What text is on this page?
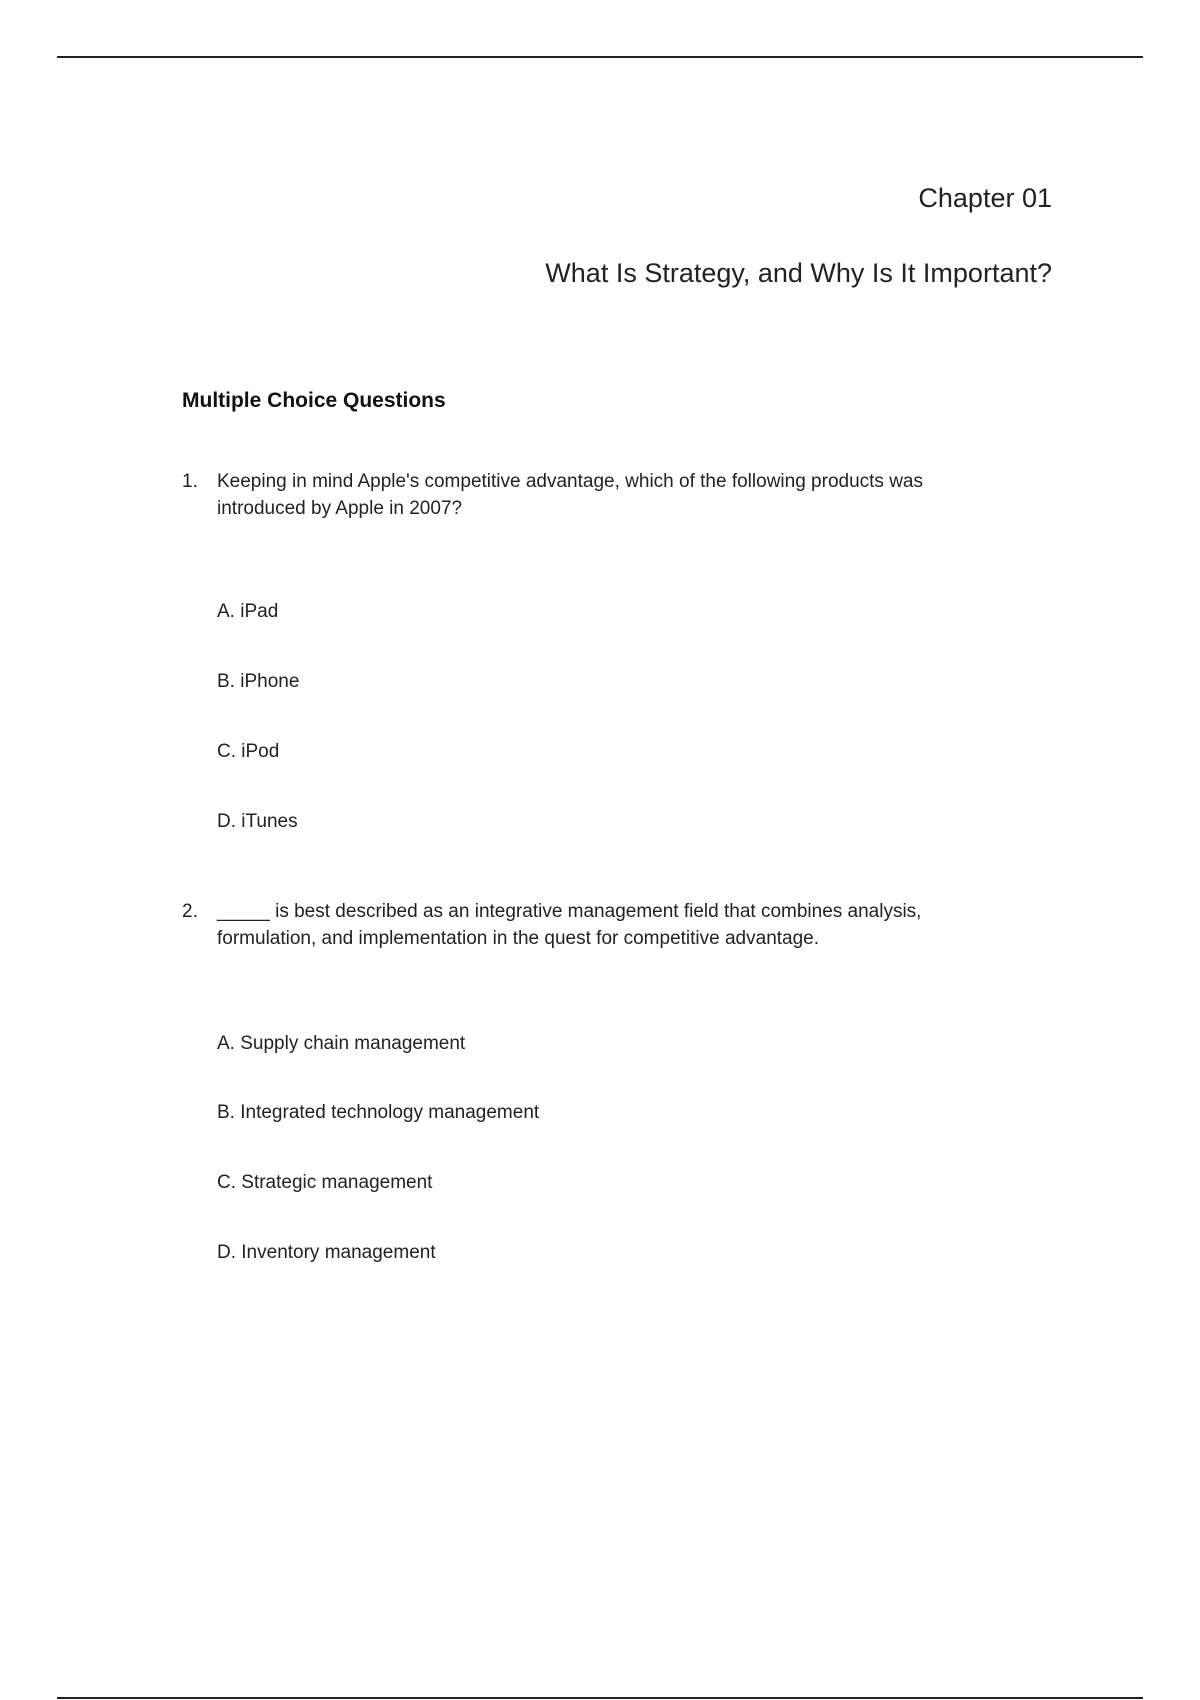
Chapter 01
What Is Strategy, and Why Is It Important?
Multiple Choice Questions
1. Keeping in mind Apple's competitive advantage, which of the following products was introduced by Apple in 2007?
A. iPad
B. iPhone
C. iPod
D. iTunes
2. _____ is best described as an integrative management field that combines analysis, formulation, and implementation in the quest for competitive advantage.
A. Supply chain management
B. Integrated technology management
C. Strategic management
D. Inventory management
